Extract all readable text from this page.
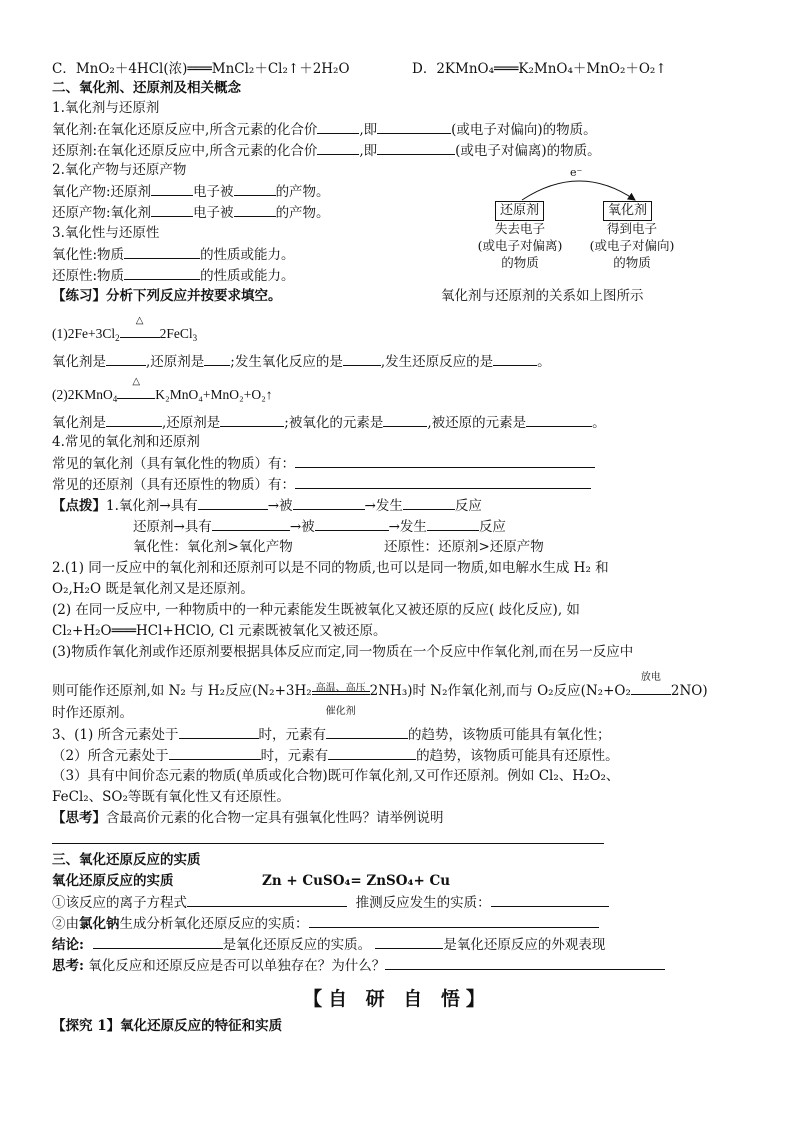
C．MnO₂＋4HCl(浓)═══MnCl₂＋Cl₂↑＋2H₂O	D．2KMnO₄═══K₂MnO₄＋MnO₂＋O₂↑
二、氧化剂、还原剂及相关概念
1.氧化剂与还原剂
氧化剂:在氧化还原反应中,所含元素的化合价	,即	(或电子对偏向)的物质。
还原剂:在氧化还原反应中,所含元素的化合价	,即	(或电子对偏离)的物质。
2.氧化产物与还原产物
氧化产物:还原剂	电子被	的产物。
还原产物:氧化剂	电子被	的产物。
3.氧化性与还原性
氧化性:物质	的性质或能力。
还原性:物质	的性质或能力。
【练习】分析下列反应并按要求填空。	氧化剂与还原剂的关系如上图所示
e⁻
还原剂	氧化剂
失去电子
(或电子对偏离)
的物质
得到电子
(或电子对偏向)
的物质
$(1)2Fe+3Cl_2$
△
2FeCl$_3$
氧化剂是	,还原剂是 ;发生氧化反应的是	,发生还原反应的是	。
(2)2KMnO$_4$
△
K₂MnO₄+MnO₂+O₂↑
氧化剂是	,还原剂是	;被氧化的元素是	,被还原的元素是	。
4.常见的氧化剂和还原剂
常见的氧化剂（具有氧化性的物质）有：
常见的还原剂（具有还原性的物质）有：
【点拨】1.氧化剂→具有	→被	→发生	反应
还原剂→具有	→被	→发生	反应
氧化性：氧化剂>氧化产物	还原性：还原剂>还原产物
2.(1) 同一反应中的氧化剂和还原剂可以是不同的物质,也可以是同一物质,如电解水生成 H₂ 和
O₂,H₂O 既是氧化剂又是还原剂。
(2) 在同一反应中, 一种物质中的一种元素能发生既被氧化又被还原的反应( 歧化反应), 如
Cl₂+H₂O═══HCl+HClO, Cl 元素既被氧化又被还原。
(3)物质作氧化剂或作还原剂要根据具体反应而定,同一物质在一个反应中作氧化剂,而在另一反应中
则可能作还原剂,如 N₂ 与 H₂反应(N₂+3H₂ 高温、高压
催化剂
2NH₃)时 N₂作氧化剂,而与 O₂反应(N₂+O₂
放电
2NO)
时作还原剂。
3、(1) 所含元素处于	时，元素有	的趋势，该物质可能具有氧化性；
（2）所含元素处于	时，元素有	的趋势，该物质可能具有还原性。
（3）具有中间价态元素的物质(单质或化合物)既可作氧化剂,又可作还原剂。例如 Cl₂、H₂O₂、
FeCl₂、SO₂等既有氧化性又有还原性。
【思考】含最高价元素的化合物一定具有强氧化性吗？请举例说明
三、氧化还原反应的实质
氧化还原反应的实质	Zn + CuSO₄= ZnSO₄+ Cu
①该反应的离子方程式	推测反应发生的实质：
②由氯化钠生成分析氧化还原反应的实质：
结论:	是氧化还原反应的实质。	是氧化还原反应的外观表现
思考: 氧化反应和还原反应是否可以单独存在？为什么？
【自 研 自 悟】
【探究 1】氧化还原反应的特征和实质
